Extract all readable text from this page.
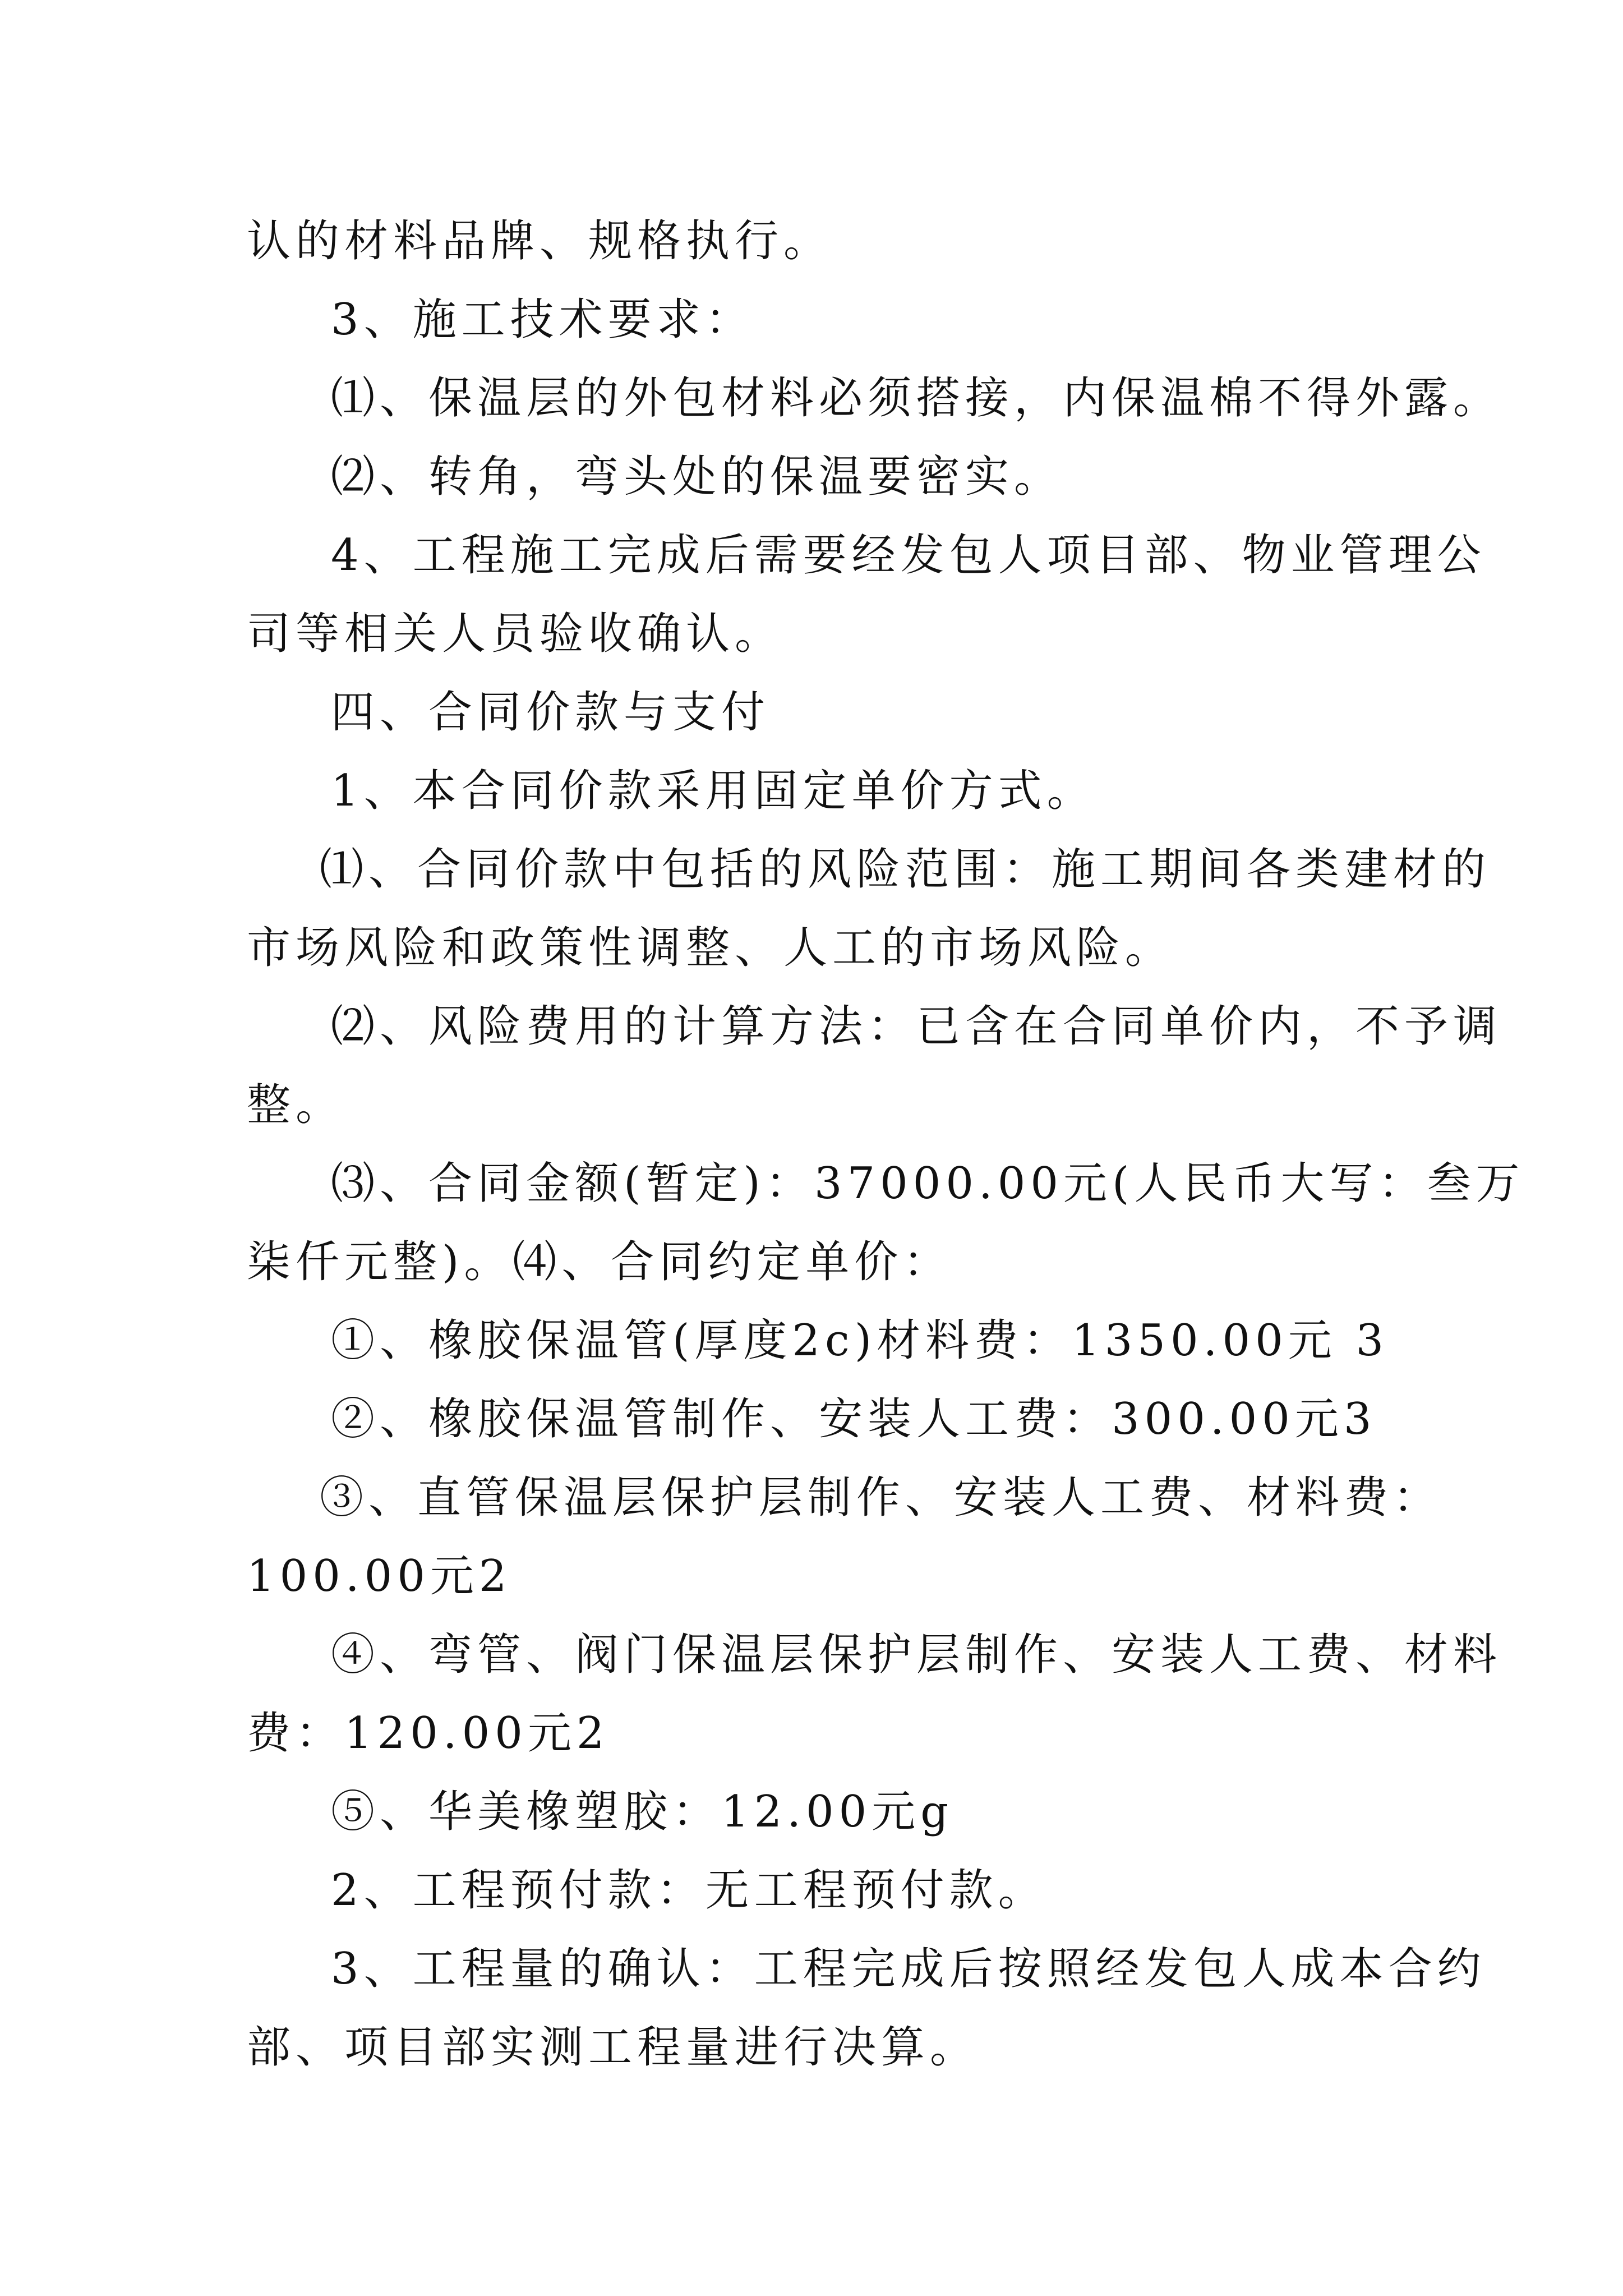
认的材料品牌、规格执行。
3、施工技术要求：
⑴、保温层的外包材料必须搭接，内保温棉不得外露。
⑵、转角，弯头处的保温要密实。
4、工程施工完成后需要经发包人项目部、物业管理公
司等相关人员验收确认。
四、合同价款与支付
1、本合同价款采用固定单价方式。
⑴、合同价款中包括的风险范围：施工期间各类建材的
市场风险和政策性调整、人工的市场风险。
⑵、风险费用的计算方法：已含在合同单价内，不予调
整。
⑶、合同金额(暂定)：37000.00元(人民币大写：叁万
柒仟元整)。⑷、合同约定单价：
①、橡胶保温管(厚度2c)材料费：1350.00元 3
②、橡胶保温管制作、安装人工费：300.00元3
③、直管保温层保护层制作、安装人工费、材料费：
100.00元2
④、弯管、阀门保温层保护层制作、安装人工费、材料
费：120.00元2
⑤、华美橡塑胶：12.00元g
2、工程预付款：无工程预付款。
3、工程量的确认：工程完成后按照经发包人成本合约
部、项目部实测工程量进行决算。
